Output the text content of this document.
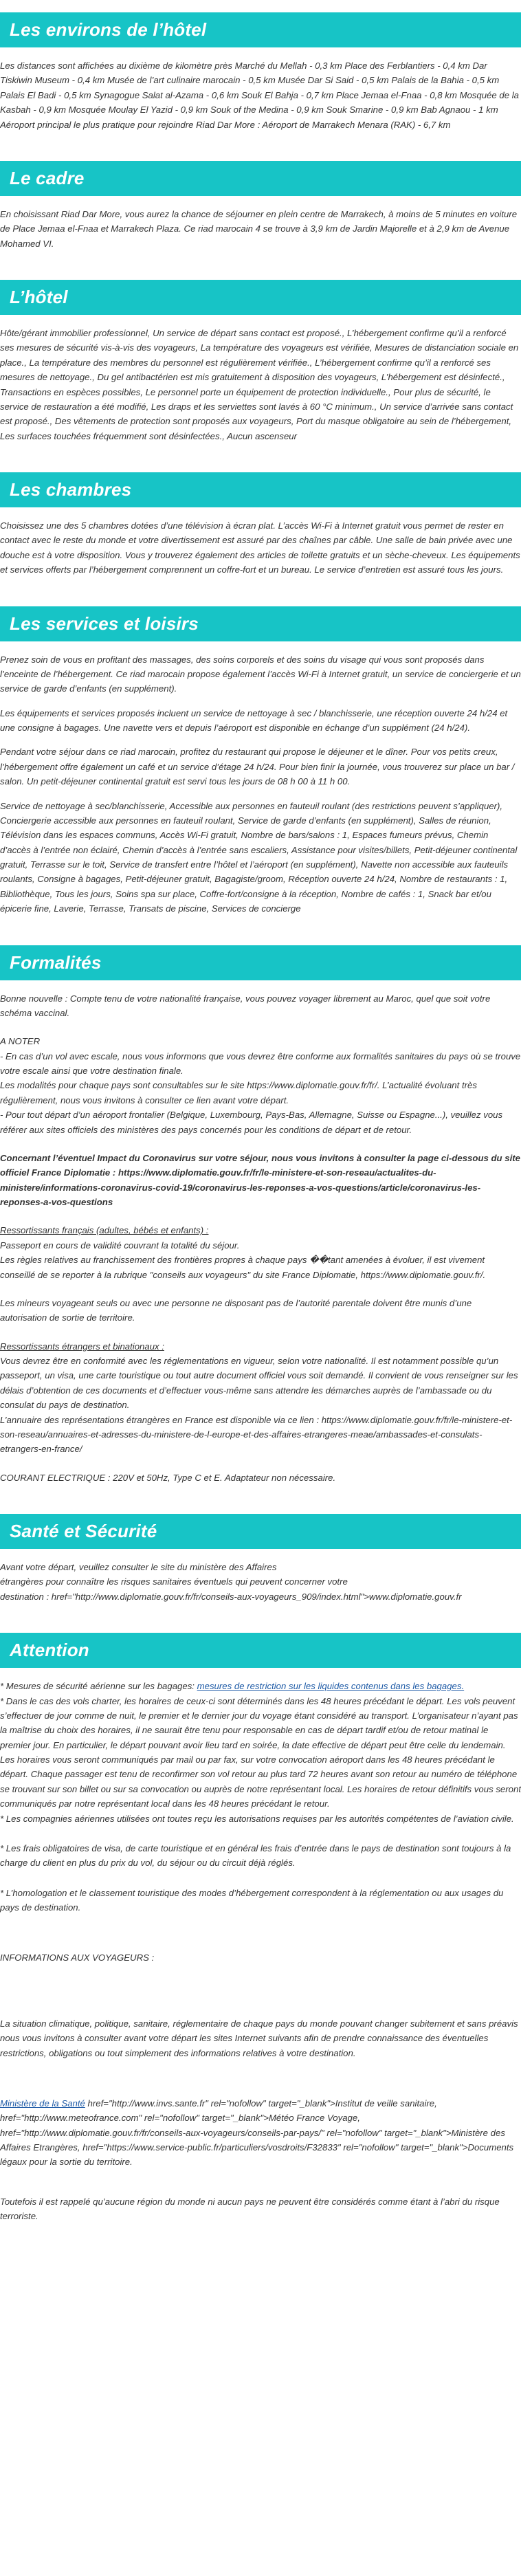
Les environs de l’hôtel

Les distances sont affichées au dixième de kilomètre près Marché du Mellah - 0,3 km Place des Ferblantiers - 0,4 km Dar Tiskiwin Museum - 0,4 km Musée de l’art culinaire marocain - 0,5 km Musée Dar Si Said - 0,5 km Palais de la Bahia - 0,5 km Palais El Badi - 0,5 km Synagogue Salat al-Azama - 0,6 km Souk El Bahja - 0,7 km Place Jemaa el-Fnaa - 0,8 km Mosquée de la Kasbah - 0,9 km Mosquée Moulay El Yazid - 0,9 km Souk of the Medina - 0,9 km Souk Smarine - 0,9 km Bab Agnaou - 1 km Aéroport principal le plus pratique pour rejoindre Riad Dar More : Aéroport de Marrakech Menara (RAK) - 6,7 km

Le cadre

En choisissant Riad Dar More, vous aurez la chance de séjourner en plein centre de Marrakech, à moins de 5 minutes en voiture de Place Jemaa el-Fnaa et Marrakech Plaza. Ce riad marocain 4 se trouve à 3,9 km de Jardin Majorelle et à 2,9 km de Avenue Mohamed VI.

L’hôtel

Hôte/gérant immobilier professionnel, Un service de départ sans contact est proposé., L’hébergement confirme qu’il a renforcé ses mesures de sécurité vis-à-vis des voyageurs, La température des voyageurs est vérifiée, Mesures de distanciation sociale en place., La température des membres du personnel est régulièrement vérifiée., L’hébergement confirme qu’il a renforcé ses mesures de nettoyage., Du gel antibactérien est mis gratuitement à disposition des voyageurs, L’hébergement est désinfecté., Transactions en espèces possibles, Le personnel porte un équipement de protection individuelle., Pour plus de sécurité, le service de restauration a été modifié, Les draps et les serviettes sont lavés à 60 °C minimum., Un service d’arrivée sans contact est proposé., Des vêtements de protection sont proposés aux voyageurs, Port du masque obligatoire au sein de l’hébergement, Les surfaces touchées fréquemment sont désinfectées., Aucun ascenseur

Les chambres

Choisissez une des 5 chambres dotées d’une télévision à écran plat. L’accès Wi-Fi à Internet gratuit vous permet de rester en contact avec le reste du monde et votre divertissement est assuré par des chaînes par câble. Une salle de bain privée avec une douche est à votre disposition. Vous y trouverez également des articles de toilette gratuits et un sèche-cheveux. Les équipements et services offerts par l’hébergement comprennent un coffre-fort et un bureau. Le service d’entretien est assuré tous les jours.

Les services et loisirs

Prenez soin de vous en profitant des massages, des soins corporels et des soins du visage qui vous sont proposés dans l’enceinte de l’hébergement. Ce riad marocain propose également l’accès Wi-Fi à Internet gratuit, un service de conciergerie et un service de garde d’enfants (en supplément).

Les équipements et services proposés incluent un service de nettoyage à sec / blanchisserie, une réception ouverte 24 h/24 et une consigne à bagages. Une navette vers et depuis l’aéroport est disponible en échange d’un supplément (24 h/24).

Pendant votre séjour dans ce riad marocain, profitez du restaurant qui propose le déjeuner et le dîner. Pour vos petits creux, l’hébergement offre également un café et un service d’étage 24 h/24. Pour bien finir la journée, vous trouverez sur place un bar / salon. Un petit-déjeuner continental gratuit est servi tous les jours de 08 h 00 à 11 h 00.

Service de nettoyage à sec/blanchisserie, Accessible aux personnes en fauteuil roulant (des restrictions peuvent s’appliquer), Conciergerie accessible aux personnes en fauteuil roulant, Service de garde d’enfants (en supplément), Salles de réunion, Télévision dans les espaces communs, Accès Wi-Fi gratuit, Nombre de bars/salons : 1, Espaces fumeurs prévus, Chemin d’accès à l’entrée non éclairé, Chemin d’accès à l’entrée sans escaliers, Assistance pour visites/billets, Petit-déjeuner continental gratuit, Terrasse sur le toit, Service de transfert entre l’hôtel et l’aéroport (en supplément), Navette non accessible aux fauteuils roulants, Consigne à bagages, Petit-déjeuner gratuit, Bagagiste/groom, Réception ouverte 24 h/24, Nombre de restaurants : 1, Bibliothèque, Tous les jours, Soins spa sur place, Coffre-fort/consigne à la réception, Nombre de cafés : 1, Snack bar et/ou épicerie fine, Laverie, Terrasse, Transats de piscine, Services de concierge

Formalités

Bonne nouvelle : Compte tenu de votre nationalité française, vous pouvez voyager librement au Maroc, quel que soit votre schéma vaccinal.

A NOTER
- En cas d’un vol avec escale, nous vous informons que vous devrez être conforme aux formalités sanitaires du pays où se trouve votre escale ainsi que votre destination finale.
Les modalités pour chaque pays sont consultables sur le site https://www.diplomatie.gouv.fr/fr/. L’actualité évoluant très régulièrement, nous vous invitons à consulter ce lien avant votre départ.
- Pour tout départ d’un aéroport frontalier (Belgique, Luxembourg, Pays-Bas, Allemagne, Suisse ou Espagne...), veuillez vous référer aux sites officiels des ministères des pays concernés pour les conditions de départ et de retour.

Concernant l’éventuel Impact du Coronavirus sur votre séjour, nous vous invitons à consulter la page ci-dessous du site officiel France Diplomatie : https://www.diplomatie.gouv.fr/fr/le-ministere-et-son-reseau/actualites-du-ministere/informations-coronavirus-covid-19/coronavirus-les-reponses-a-vos-questions/article/coronavirus-les-reponses-a-vos-questions

Ressortissants français (adultes, bébés et enfants) :
Passeport en cours de validité couvrant la totalité du séjour.
Les règles relatives au franchissement des frontières propres à chaque pays ��tant amenées à évoluer, il est vivement conseillé de se reporter à la rubrique "conseils aux voyageurs" du site France Diplomatie, https://www.diplomatie.gouv.fr/.

Les mineurs voyageant seuls ou avec une personne ne disposant pas de l’autorité parentale doivent être munis d’une autorisation de sortie de territoire.

Ressortissants étrangers et binationaux :
Vous devrez être en conformité avec les réglementations en vigueur, selon votre nationalité. Il est notamment possible qu’un passeport, un visa, une carte touristique ou tout autre document officiel vous soit demandé. Il convient de vous renseigner sur les délais d’obtention de ces documents et d’effectuer vous-même sans attendre les démarches auprès de l’ambassade ou du consulat du pays de destination.
L’annuaire des représentations étrangères en France est disponible via ce lien : https://www.diplomatie.gouv.fr/fr/le-ministere-et-son-reseau/annuaires-et-adresses-du-ministere-de-l-europe-et-des-affaires-etrangeres-meae/ambassades-et-consulats-etrangers-en-france/

COURANT ELECTRIQUE : 220V et 50Hz, Type C et E. Adaptateur non nécessaire.

Santé et Sécurité

Avant votre départ, veuillez consulter le site du ministère des Affaires
étrangères pour connaître les risques sanitaires éventuels qui peuvent concerner votre
destination : href="http://www.diplomatie.gouv.fr/fr/conseils-aux-voyageurs_909/index.html">www.diplomatie.gouv.fr

Attention

* Mesures de sécurité aérienne sur les bagages: mesures de restriction sur les liquides contenus dans les bagages.
* Dans le cas des vols charter, les horaires de ceux-ci sont déterminés dans les 48 heures précédant le départ. Les vols peuvent s’effectuer de jour comme de nuit, le premier et le dernier jour du voyage étant considéré au transport. L’organisateur n’ayant pas la maîtrise du choix des horaires, il ne saurait être tenu pour responsable en cas de départ tardif et/ou de retour matinal le premier jour. En particulier, le départ pouvant avoir lieu tard en soirée, la date effective de départ peut être celle du lendemain. Les horaires vous seront communiqués par mail ou par fax, sur votre convocation aéroport dans les 48 heures précédant le départ. Chaque passager est tenu de reconfirmer son vol retour au plus tard 72 heures avant son retour au numéro de téléphone se trouvant sur son billet ou sur sa convocation ou auprès de notre représentant local. Les horaires de retour définitifs vous seront communiqués par notre représentant local dans les 48 heures précédant le retour.
* Les compagnies aériennes utilisées ont toutes reçu les autorisations requises par les autorités compétentes de l’aviation civile.

* Les frais obligatoires de visa, de carte touristique et en général les frais d’entrée dans le pays de destination sont toujours à la charge du client en plus du prix du vol, du séjour ou du circuit déjà réglés.

* L’homologation et le classement touristique des modes d’hébergement correspondent à la réglementation ou aux usages du pays de destination.

INFORMATIONS AUX VOYAGEURS :

La situation climatique, politique, sanitaire, réglementaire de chaque pays du monde pouvant changer subitement et sans préavis
nous vous invitons à consulter avant votre départ les sites Internet suivants afin de prendre connaissance des éventuelles restrictions, obligations ou tout simplement des informations relatives à votre destination.

Ministère de la Santé href="http://www.invs.sante.fr" rel="nofollow" target="_blank">Institut de veille sanitaire, href="http://www.meteofrance.com" rel="nofollow" target="_blank">Météo France Voyage, href="http://www.diplomatie.gouv.fr/fr/conseils-aux-voyageurs/conseils-par-pays/" rel="nofollow" target="_blank">Ministère des Affaires Etrangères, href="https://www.service-public.fr/particuliers/vosdroits/F32833" rel="nofollow" target="_blank">Documents légaux pour la sortie du territoire.

Toutefois il est rappelé qu’aucune région du monde ni aucun pays ne peuvent être considérés comme étant à l’abri du risque terroriste.
